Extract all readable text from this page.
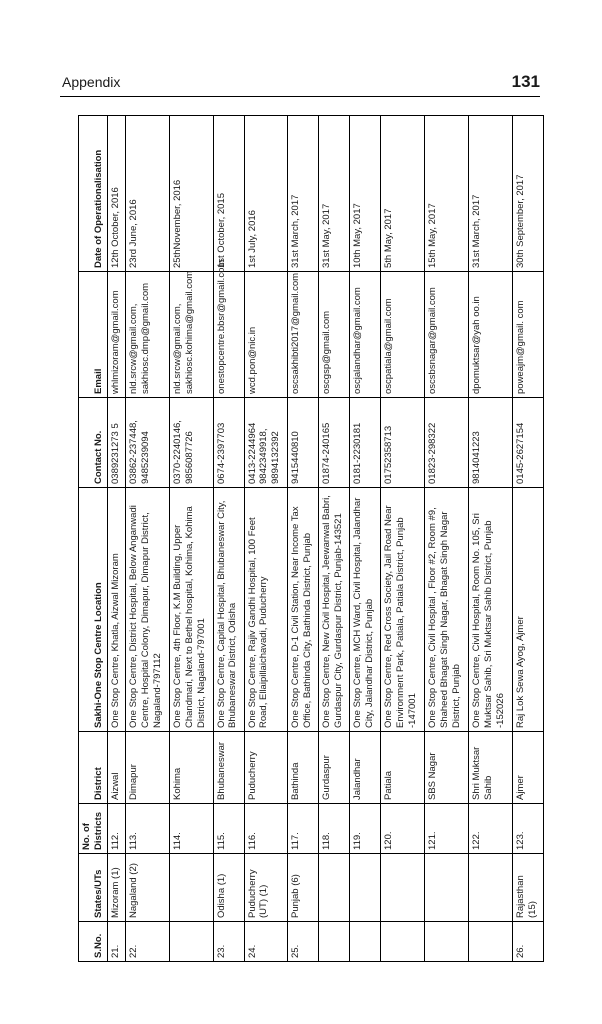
Appendix	131
S.No.	States/UTs	No. of Districts	District	Sakhi-One Stop Centre Location	Contact No.	Email	Date of Operationalisation
21.	Mizoram (1)	112.	Aizwal	One Stop Centre, Khatla, Aizwal Mizoram	0389231273 5	whlmizoram@gmail.com	12th October, 2016
22.	Nagaland (2)	113.	Dimapur	One Stop Centre, District Hospital, Below Anganwadi Centre, Hospital Colony, Dimapur, Dimapur District, Nagaland-797112	03862-237448,
9485239094	nld.srcw@gmail.com,
sakhiosc.dmp@gmail.com	23rd June, 2016
		114.	Kohima	One Stop Centre, 4th Floor, K.M Building, Upper Chandmari, Next to Bethel hospital, Kohima, Kohima District, Nagaland-797001	0370-2240146,
9856087726	nld.srcw@gmail.com,
sakhiosc.kohima@gmail.com	25thNovember, 2016
23.	Odisha (1)	115.	Bhubaneswar	One Stop Centre, Capital Hospital, Bhubaneswar City, Bhubaneswar District, Odisha	0674-2397703	onestopcentre.bbsr@gmail.com	1st October, 2015
24.	Puducherry (UT) (1)	116.	Puducherry	One Stop Centre, Rajiv Gandhi Hospital, 100 Feet Road, Ellaipillaichavadi, Puducherry	0413-2244964
9842349918,
9894132392	wcd.pon@nic.in	1st July, 2016
25.	Punjab (6)	117.	Bathinda	One Stop Centre, D-1 Civil Station, Near Income Tax Office, Bathinda City, Bathinda District, Punjab	9415440810	oscsakhibti2017@gmail.com	31st March, 2017
		118.	Gurdaspur	One Stop Centre, New Civil Hospital, Jeewanwal Babri, Gurdaspur City, Gurdaspur District, Punjab-143521	01874-240165	oscgsp@gmail.com	31st May, 2017
		119.	Jalandhar	One Stop Centre, MCH Ward, Civil Hospital, Jalandhar City, Jalandhar District, Punjab	0181-2230181	oscjalandhar@gmail.com	10th May, 2017
		120.	Patiala	One Stop Centre, Red Cross Society, Jail Road Near Environment Park, Patiala, Patiala District, Punjab -147001	01752358713	oscpatiala@gmail.com	5th May, 2017
		121.	SBS Nagar	One Stop Centre, Civil Hospital , Floor #2, Room #9, Shaheed Bhagat Singh Nagar, Bhagat Singh Nagar District, Punjab	01823-298322	oscsbsnagar@gmail.com	15th May, 2017
		122.	Shri Muktsar Sahib	One Stop Centre, Civil Hospital, Room No. 105, Sri Muktsar Sahib, Sri Muktsar Sahib District, Punjab -152026	9814041223	dpomuktsar@yah oo.in	31st March, 2017
26.	Rajasthan (15)	123.	Ajmer	Raj Lok Sewa Ayog, Ajmer	0145-2627154	poweajm@gmail. com	30th September, 2017
